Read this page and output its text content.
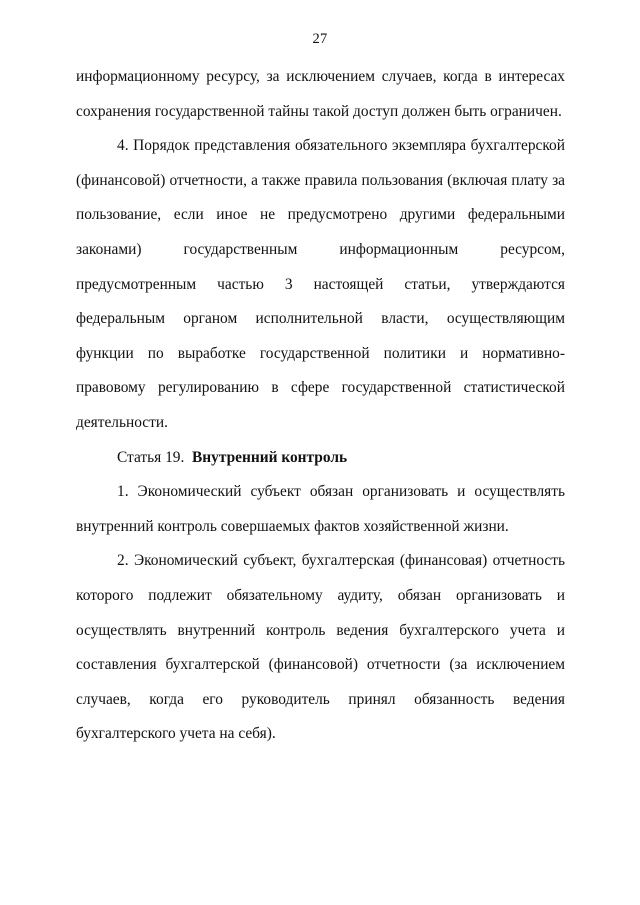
27

информационному ресурсу, за исключением случаев, когда в интересах сохранения государственной тайны такой доступ должен быть ограничен.

4. Порядок представления обязательного экземпляра бухгалтерской (финансовой) отчетности, а также правила пользования (включая плату за пользование, если иное не предусмотрено другими федеральными законами) государственным информационным ресурсом, предусмотренным частью 3 настоящей статьи, утверждаются федеральным органом исполнительной власти, осуществляющим функции по выработке государственной политики и нормативно-правовому регулированию в сфере государственной статистической деятельности.

Статья 19. Внутренний контроль

1. Экономический субъект обязан организовать и осуществлять внутренний контроль совершаемых фактов хозяйственной жизни.

2. Экономический субъект, бухгалтерская (финансовая) отчетность которого подлежит обязательному аудиту, обязан организовать и осуществлять внутренний контроль ведения бухгалтерского учета и составления бухгалтерской (финансовой) отчетности (за исключением случаев, когда его руководитель принял обязанность ведения бухгалтерского учета на себя).
